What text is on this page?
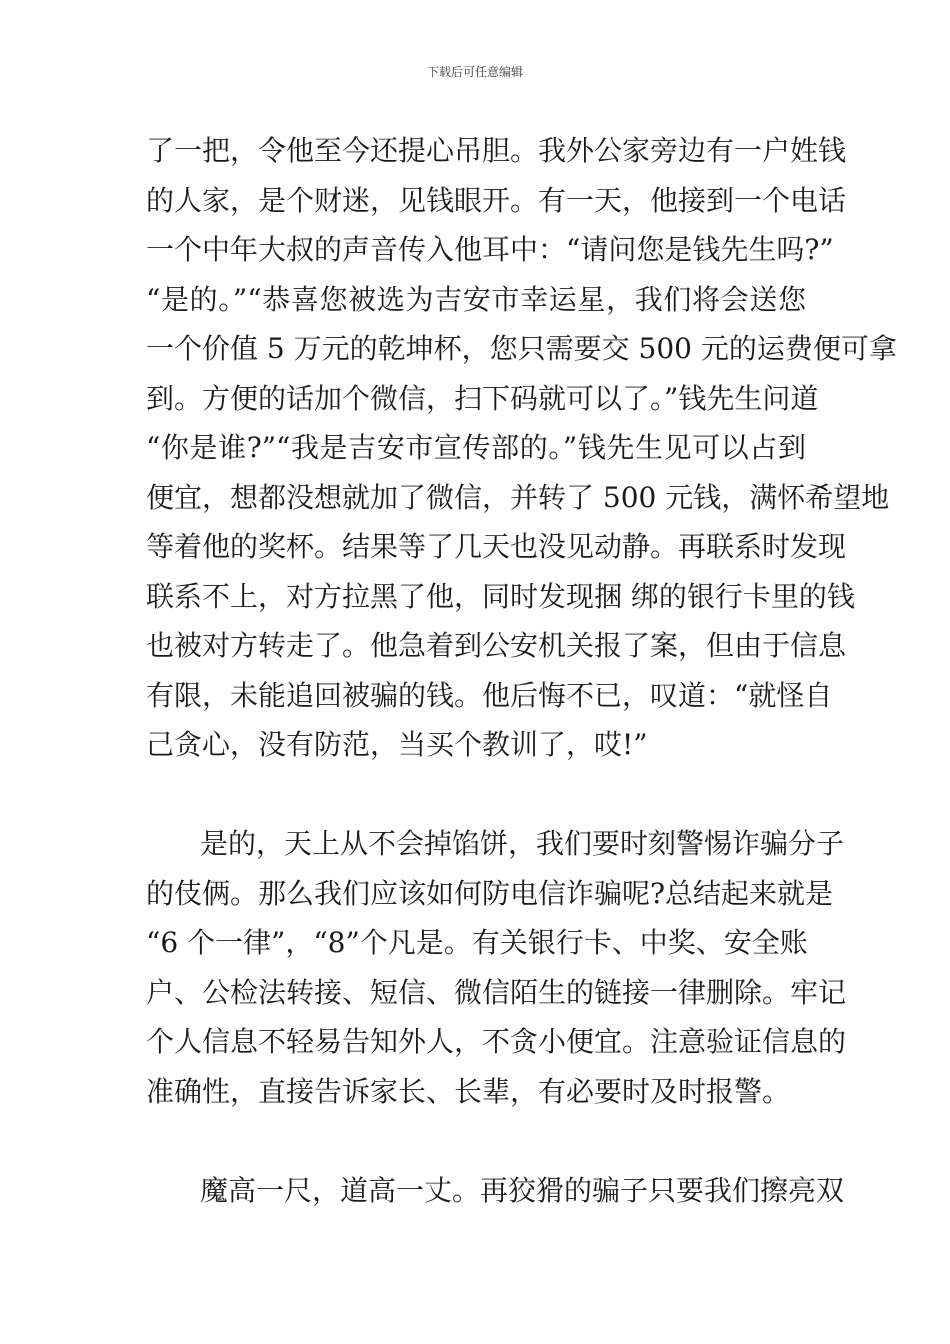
下载后可任意编辑
了一把，令他至今还提心吊胆。我外公家旁边有一户姓钱
的人家，是个财迷，见钱眼开。有一天，他接到一个电话
一个中年大叔的声音传入他耳中：“请问您是钱先生吗?”
“是的。”“恭喜您被选为吉安市幸运星，我们将会送您
一个价值 5 万元的乾坤杯，您只需要交 500 元的运费便可拿
到。方便的话加个微信，扫下码就可以了。”钱先生问道
“你是谁?”“我是吉安市宣传部的。”钱先生见可以占到
便宜，想都没想就加了微信，并转了 500 元钱，满怀希望地
等着他的奖杯。结果等了几天也没见动静。再联系时发现
联系不上，对方拉黑了他，同时发现捆 绑的银行卡里的钱
也被对方转走了。他急着到公安机关报了案，但由于信息
有限，未能追回被骗的钱。他后悔不已，叹道：“就怪自
己贪心，没有防范，当买个教训了，哎!”
是的，天上从不会掉馅饼，我们要时刻警惕诈骗分子
的伎俩。那么我们应该如何防电信诈骗呢?总结起来就是
“6 个一律”，“8”个凡是。有关银行卡、中奖、安全账
户、公检法转接、短信、微信陌生的链接一律删除。牢记
个人信息不轻易告知外人，不贪小便宜。注意验证信息的
准确性，直接告诉家长、长辈，有必要时及时报警。
魔高一尺，道高一丈。再狡猾的骗子只要我们擦亮双
